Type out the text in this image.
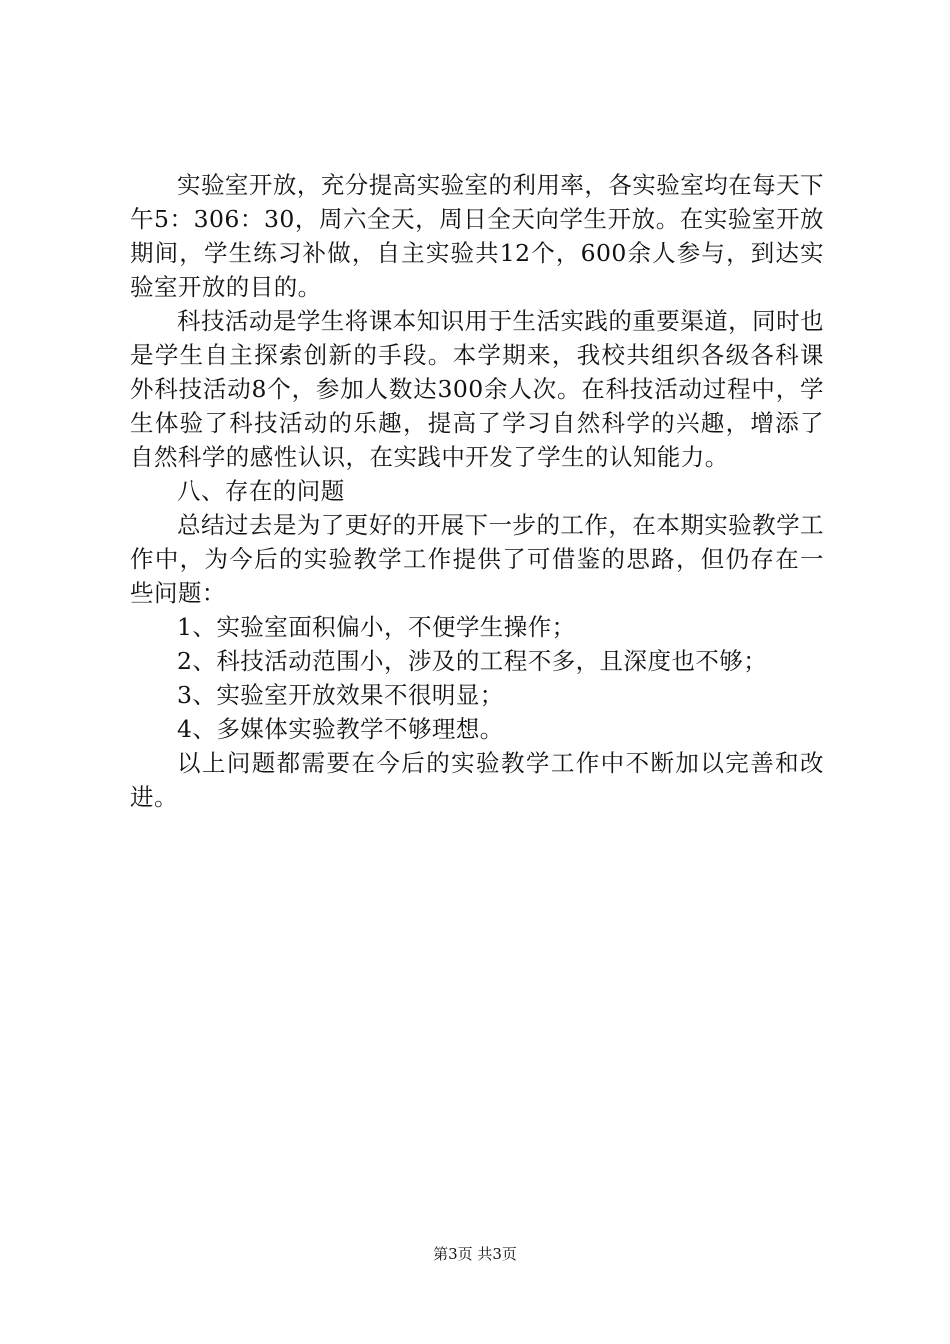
实验室开放，充分提高实验室的利用率，各实验室均在每天下午5：306：30，周六全天，周日全天向学生开放。在实验室开放期间，学生练习补做，自主实验共12个，600余人参与，到达实验室开放的目的。

科技活动是学生将课本知识用于生活实践的重要渠道，同时也是学生自主探索创新的手段。本学期来，我校共组织各级各科课外科技活动8个，参加人数达300余人次。在科技活动过程中，学生体验了科技活动的乐趣，提高了学习自然科学的兴趣，增添了自然科学的感性认识，在实践中开发了学生的认知能力。

八、存在的问题

总结过去是为了更好的开展下一步的工作，在本期实验教学工作中，为今后的实验教学工作提供了可借鉴的思路，但仍存在一些问题：

1、实验室面积偏小，不便学生操作；

2、科技活动范围小，涉及的工程不多，且深度也不够；

3、实验室开放效果不很明显；

4、多媒体实验教学不够理想。

以上问题都需要在今后的实验教学工作中不断加以完善和改进。

第3页 共3页
